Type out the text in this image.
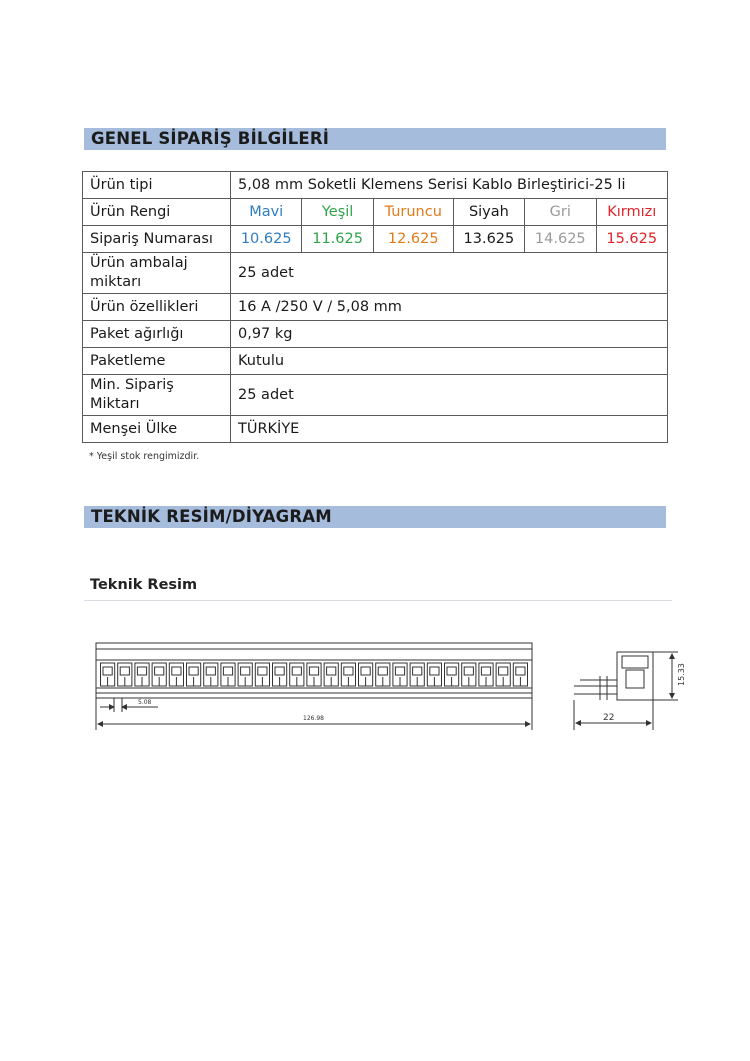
GENEL SİPARİŞ BİLGİLERİ
Ürün tipi	5,08 mm Soketli Klemens Serisi Kablo Birleştirici-25 li					
Ürün Rengi	Mavi	Yeşil	Turuncu	Siyah	Gri	Kırmızı
Sipariş Numarası	10.625	11.625	12.625	13.625	14.625	15.625
Ürün ambalaj miktarı	25 adet					
Ürün özellikleri	16 A /250 V / 5,08 mm					
Paket ağırlığı	0,97 kg					
Paketleme	Kutulu					
Min. Sipariş Miktarı	25 adet					
Menşei Ülke	TÜRKİYE					
* Yeşil stok rengimizdir.
TEKNİK RESİM/DİYAGRAM
Teknik Resim
5.08
126.98	22
15.33
